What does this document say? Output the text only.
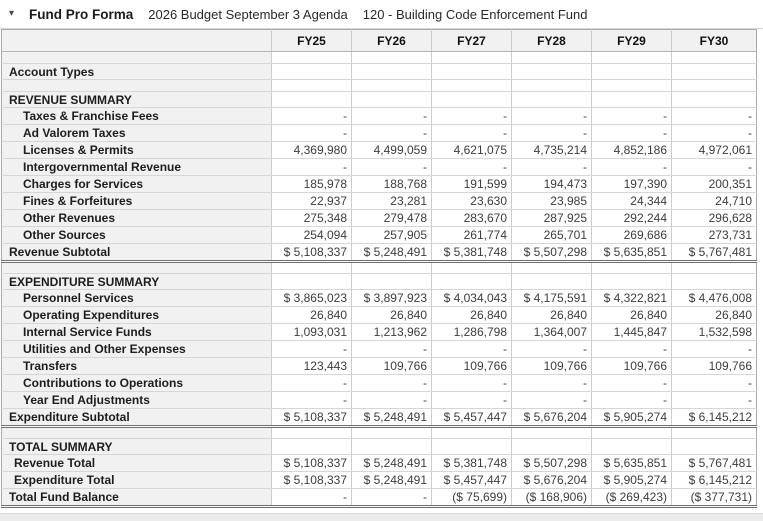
▾	Fund Pro Forma 2026 Budget September 3 Agenda 120 - Building Code Enforcement Fund
	FY25	FY26	FY27	FY28	FY29	FY30

Account Types						

REVENUE SUMMARY						
Taxes & Franchise Fees	-	-	-	-	-	-
Ad Valorem Taxes	-	-	-	-	-	-
Licenses & Permits	4,369,980	4,499,059	4,621,075	4,735,214	4,852,186	4,972,061
Intergovernmental Revenue	-	-	-	-	-	-
Charges for Services	185,978	188,768	191,599	194,473	197,390	200,351
Fines & Forfeitures	22,937	23,281	23,630	23,985	24,344	24,710
Other Revenues	275,348	279,478	283,670	287,925	292,244	296,628
Other Sources	254,094	257,905	261,774	265,701	269,686	273,731
Revenue Subtotal	$ 5,108,337	$ 5,248,491	$ 5,381,748	$ 5,507,298	$ 5,635,851	$ 5,767,481

EXPENDITURE SUMMARY						
Personnel Services	$ 3,865,023	$ 3,897,923	$ 4,034,043	$ 4,175,591	$ 4,322,821	$ 4,476,008
Operating Expenditures	26,840	26,840	26,840	26,840	26,840	26,840
Internal Service Funds	1,093,031	1,213,962	1,286,798	1,364,007	1,445,847	1,532,598
Utilities and Other Expenses	-	-	-	-	-	-
Transfers	123,443	109,766	109,766	109,766	109,766	109,766
Contributions to Operations	-	-	-	-	-	-
Year End Adjustments	-	-	-	-	-	-
Expenditure Subtotal	$ 5,108,337	$ 5,248,491	$ 5,457,447	$ 5,676,204	$ 5,905,274	$ 6,145,212

TOTAL SUMMARY						
Revenue Total	$ 5,108,337	$ 5,248,491	$ 5,381,748	$ 5,507,298	$ 5,635,851	$ 5,767,481
Expenditure Total	$ 5,108,337	$ 5,248,491	$ 5,457,447	$ 5,676,204	$ 5,905,274	$ 6,145,212
Total Fund Balance	-	-	($ 75,699)	($ 168,906)	($ 269,423)	($ 377,731)
